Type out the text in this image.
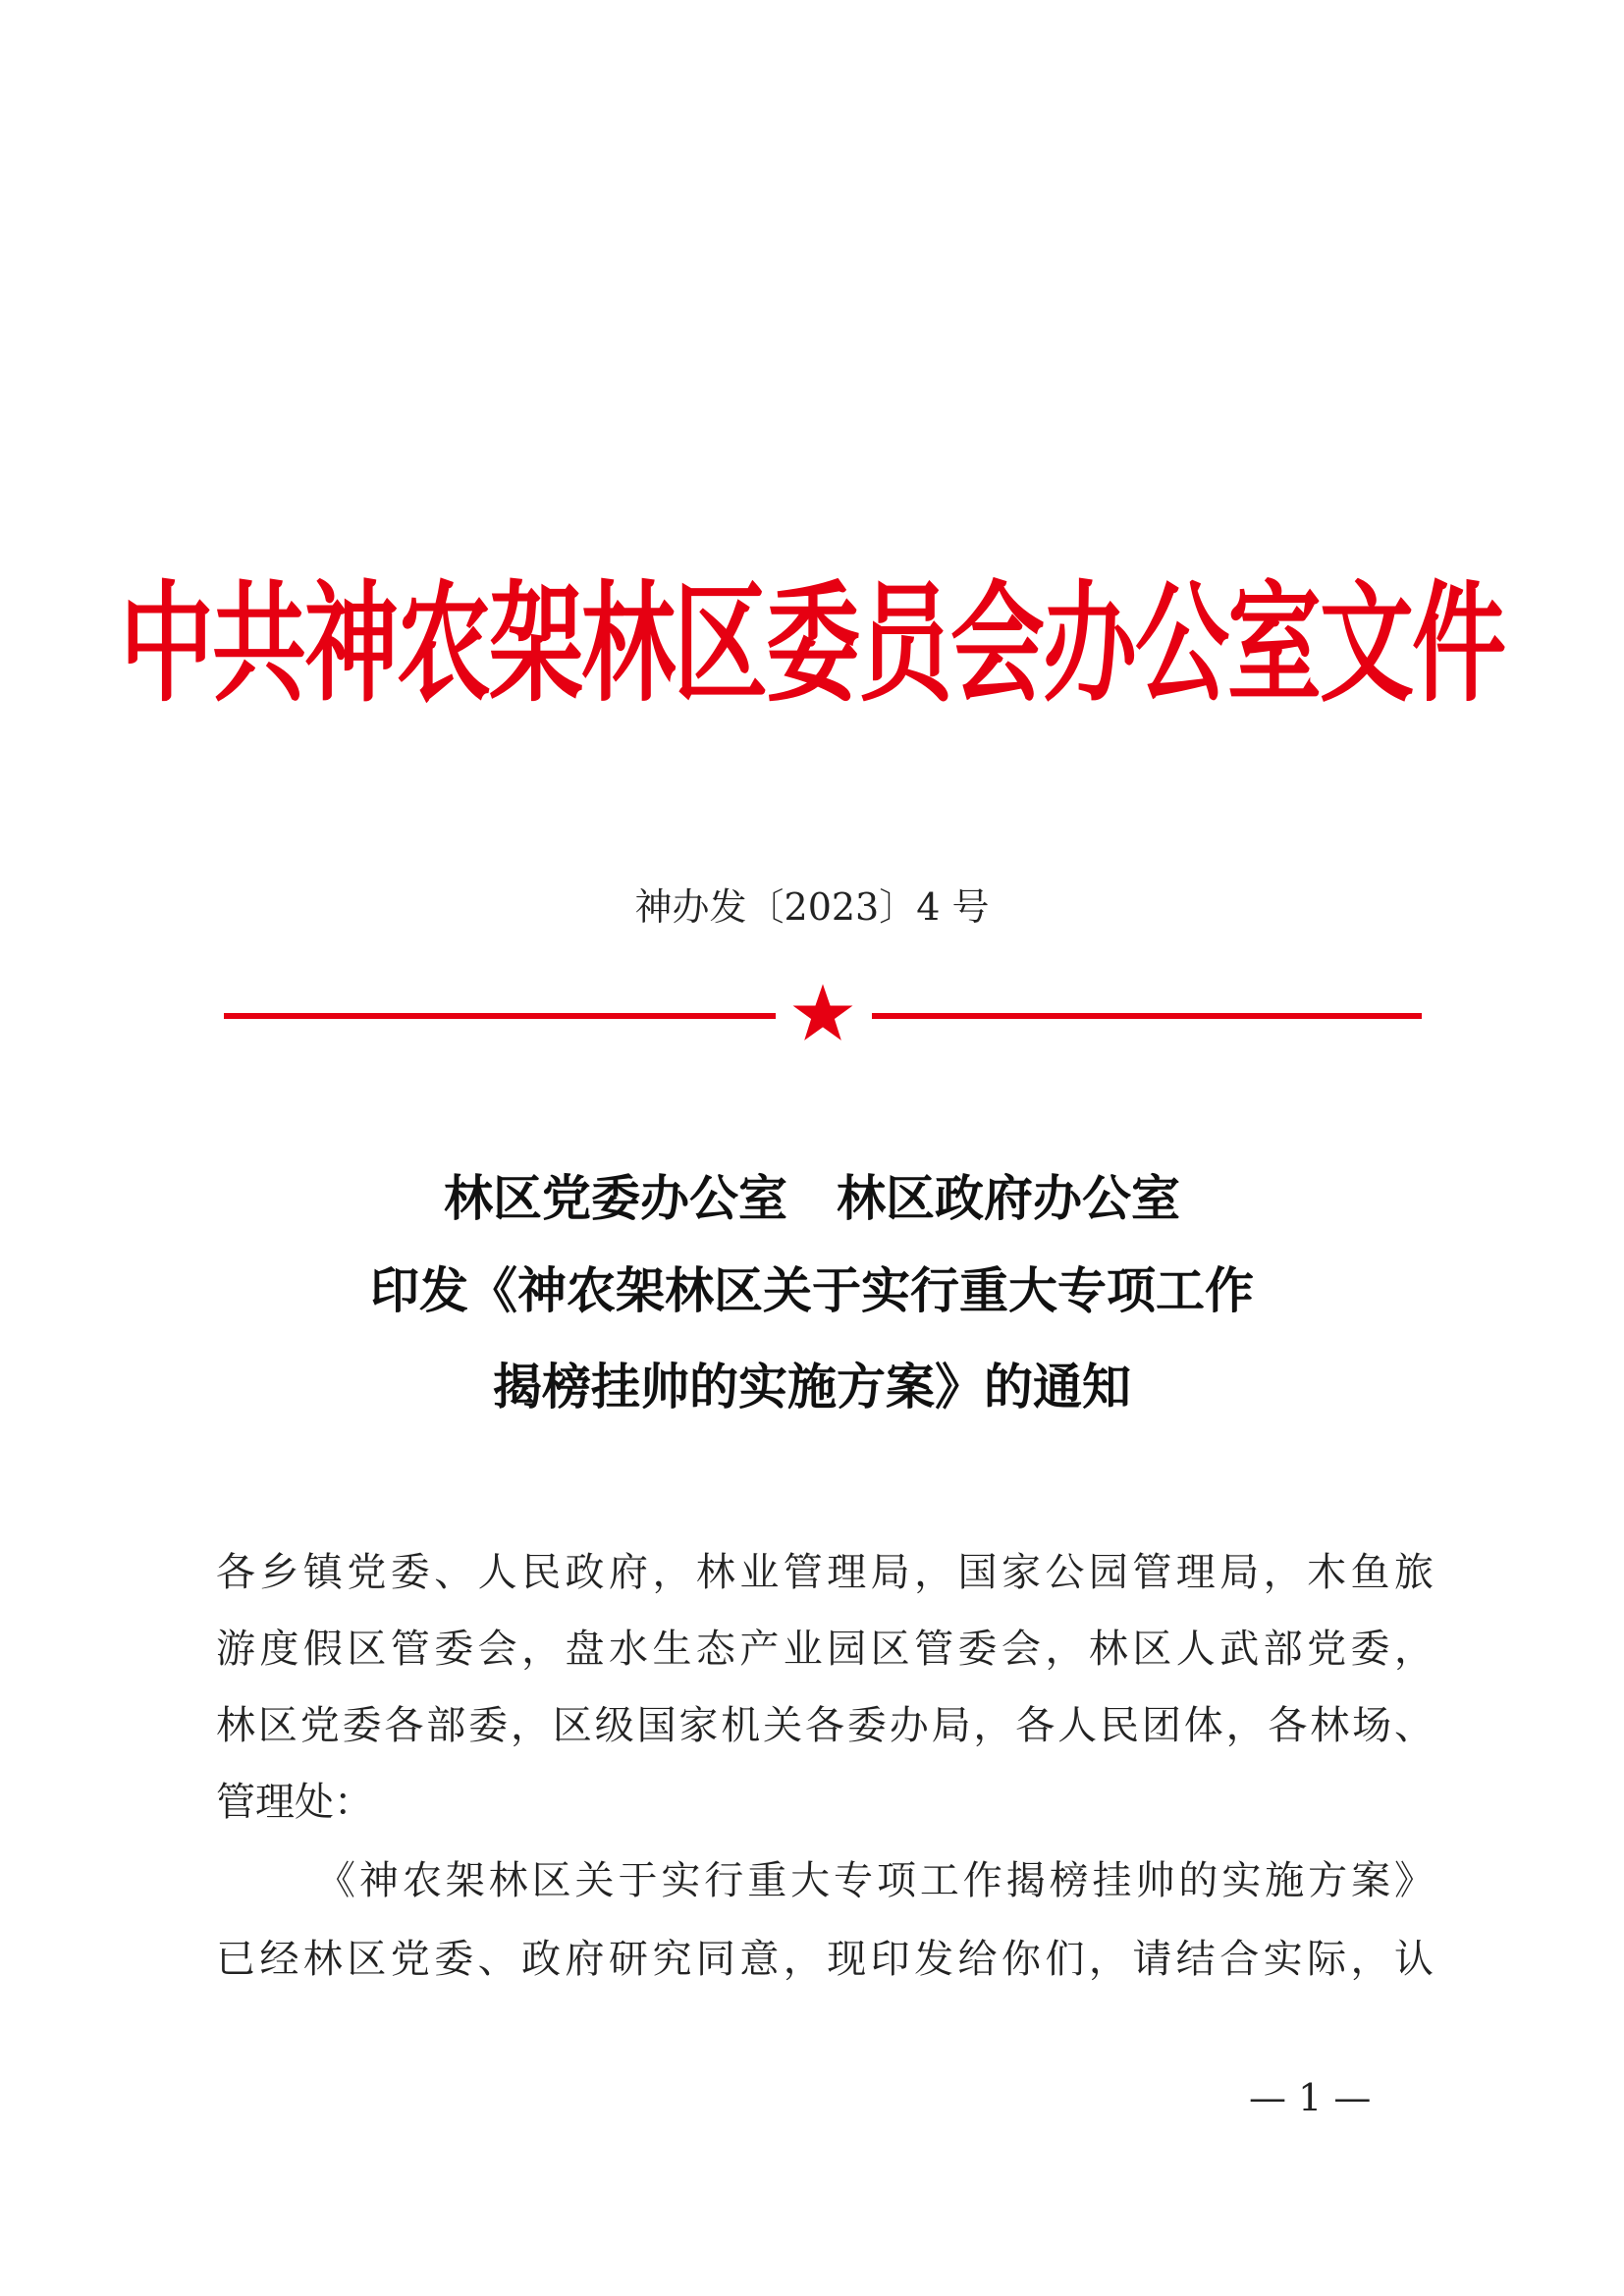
中共神农架林区委员会办公室文件
神办发〔2023〕4 号
林区党委办公室　林区政府办公室
印发《神农架林区关于实行重大专项工作
揭榜挂帅的实施方案》的通知
各乡镇党委、人民政府，林业管理局，国家公园管理局，木鱼旅
游度假区管委会，盘水生态产业园区管委会，林区人武部党委，
林区党委各部委，区级国家机关各委办局，各人民团体，各林场、
管理处：
《神农架林区关于实行重大专项工作揭榜挂帅的实施方案》
已经林区党委、政府研究同意，现印发给你们，请结合实际，认
— 1 —
